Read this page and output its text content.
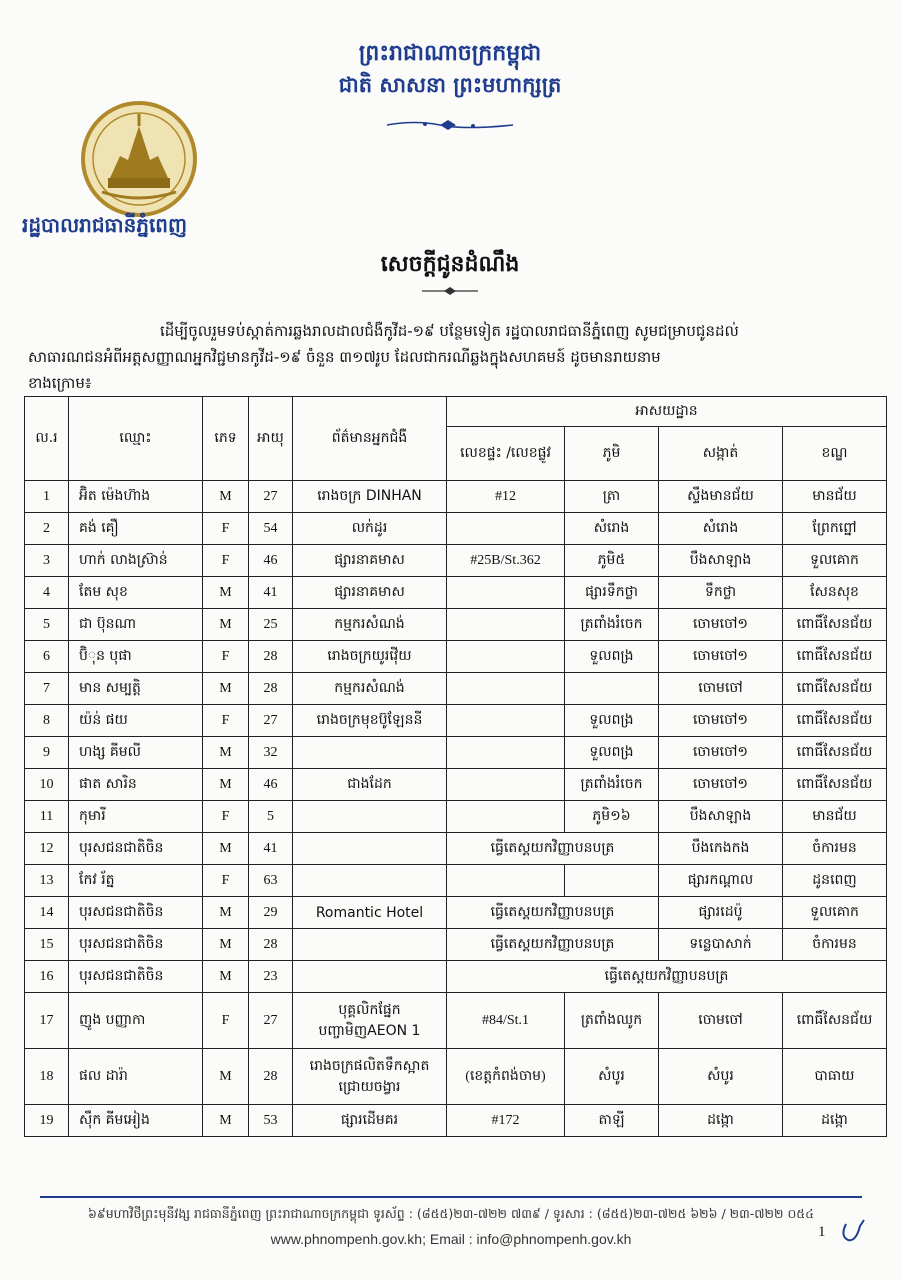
ព្រះរាជាណាចក្រកម្ពុជា
ជាតិ សាសនា ព្រះមហាក្សត្រ
រដ្ឋបាលរាជធានីភ្នំពេញ
សេចក្ដីជូនដំណឹង

ដើម្បីចូលរួមទប់ស្កាត់ការឆ្លងរាលដាលជំងឺកូវីដ-១៩ បន្ថែមទៀត រដ្ឋបាលរាជធានីភ្នំពេញ សូមជម្រាបជូនដល់

សាធារណជនអំពីអត្តសញ្ញាណអ្នកវិជ្ជមានកូវីដ-១៩ ចំនួន ៣១៧រូប ដែលជាករណីឆ្លងក្នុងសហគមន៍ ដូចមានរាយនាម

ខាងក្រោម៖

ល.រ	ឈ្មោះ	ភេទ	អាយុ	ព័ត៌មានអ្នកជំងឺ	អាសយដ្ឋាន			
					លេខផ្ទះ /លេខផ្លូវ	ភូមិ	សង្កាត់	ខណ្ឌ
1	អ៊ិត ម៉េងហ៊ាង	M	27	រោងចក្រ DINHAN	#12	ត្រា	ស្ទឹងមានជ័យ	មានជ័យ
2	គង់ គឿ	F	54	លក់ដូរ		សំរោង	សំរោង	ព្រែកព្នៅ
3	ហាក់ លាងស្រ៊ាន់	F	46	ផ្សារនាគមាស	#25B/St.362	ភូមិ៥	បឹងសាឡាង	ទួលគោក
4	តែម សុខ	M	41	ផ្សារនាគមាស		ផ្សារទឹកថ្លា	ទឹកថ្លា	សែនសុខ
5	ជា ប៊ុនណា	M	25	កម្មករសំណង់		ត្រពាំងរំចេក	ចោមចៅ១	ពោធិ៍សែនជ័យ
6	ប៊ិុន បុផា	F	28	រោងចក្រយូរវ៉ើយ		ទួលពង្រ	ចោមចៅ១	ពោធិ៍សែនជ័យ
7	មាន សម្បត្តិ	M	28	កម្មករសំណង់			ចោមចៅ	ពោធិ៍សែនជ័យ
8	យ៉ន់ ផយ	F	27	រោងចក្រមុខប៊ូឡែននី		ទួលពង្រ	ចោមចៅ១	ពោធិ៍សែនជ័យ
9	ហង្ស គីមលី	M	32			ទួលពង្រ	ចោមចៅ១	ពោធិ៍សែនជ័យ
10	ផាត សារិន	M	46	ជាងដែក		ត្រពាំងរំចេក	ចោមចៅ១	ពោធិ៍សែនជ័យ
11	កុមារី	F	5			ភូមិ១៦	បឹងសាឡាង	មានជ័យ
12	បុរសជនជាតិចិន	M	41		ធ្វើតេស្តយកវិញ្ញាបនបត្រ		បឹងកេងកង	ចំការមន
13	កែវ រ័ត្ន	F	63				ផ្សារកណ្ដាល	ដូនពេញ
14	បុរសជនជាតិចិន	M	29	Romantic Hotel	ធ្វើតេស្តយកវិញ្ញាបនបត្រ		ផ្សារដេប៉ូ	ទួលគោក
15	បុរសជនជាតិចិន	M	28		ធ្វើតេស្តយកវិញ្ញាបនបត្រ		ទន្លេបាសាក់	ចំការមន
16	បុរសជនជាតិចិន	M	23		ធ្វើតេស្តយកវិញ្ញាបនបត្រ			
17	ញូង បញ្ញាកា	F	27	បុគ្គលិកផ្នែក បញ្ចាមិញAEON 1	#84/St.1	ត្រពាំងឈូក	ចោមចៅ	ពោធិ៍សែនជ័យ
18	ផល ដារ៉ា	M	28	រោងចក្រផលិតទឹកស្អាត ជ្រោយចង្វារ	(ខេត្តកំពង់ចាម)	សំបូរ	សំបូរ	បាធាយ
19	ស៊ឹក គីមអៀង	M	53	ផ្សារដើមគរ	#172	តាឡី	ដង្កោ	ដង្កោ
៦៩មហាវិថីព្រះមុនីវង្ស រាជធានីភ្នំពេញ ព្រះរាជាណាចក្រកម្ពុជា ទូរស័ព្ទ : (៨៥៥)២៣-៧២២ ៧៣៩ / ទូរសារ : (៨៥៥)២៣-៧២៥ ៦២៦ / ២៣-៧២២ ០៥៤
www.phnompenh.gov.kh; Email : info@phnompenh.gov.kh	1
